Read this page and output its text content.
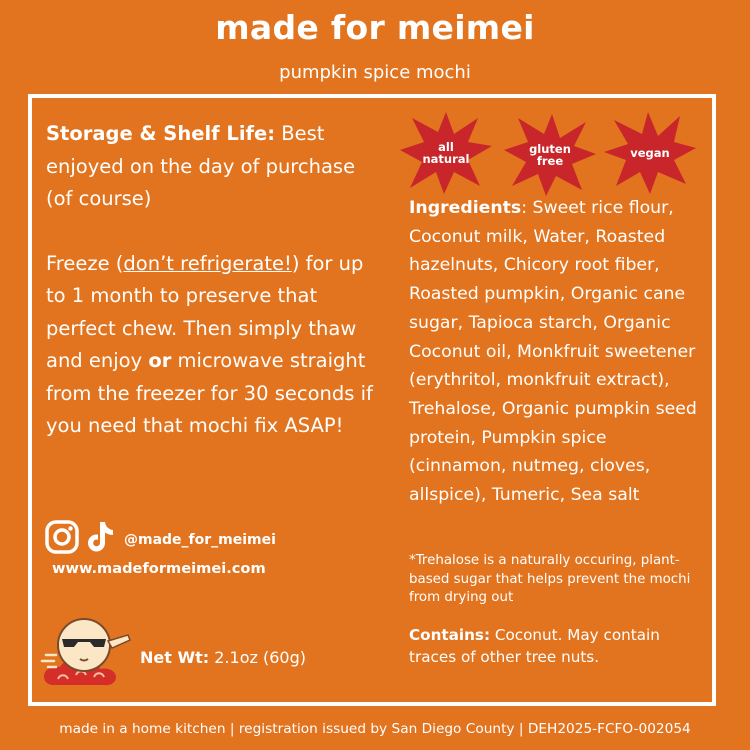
made for meimei
pumpkin spice mochi

Storage & Shelf Life: Best enjoyed on the day of purchase (of course)

Freeze (don’t refrigerate!) for up to 1 month to preserve that perfect chew. Then simply thaw and enjoy or microwave straight from the freezer for 30 seconds if you need that mochi fix ASAP!

all
natural
gluten
free
vegan
Ingredients: Sweet rice flour, Coconut milk, Water, Roasted hazelnuts, Chicory root fiber, Roasted pumpkin, Organic cane sugar, Tapioca starch, Organic Coconut oil, Monkfruit sweetener (erythritol, monkfruit extract), Trehalose, Organic pumpkin seed protein, Pumpkin spice (cinnamon, nutmeg, cloves, allspice), Tumeric, Sea salt
*Trehalose is a naturally occuring, plant-based sugar that helps prevent the mochi from drying out
Contains: Coconut. May contain traces of other tree nuts.
@made_for_meimei
www.madeformeimei.com
Net Wt: 2.1oz (60g)
made in a home kitchen | registration issued by San Diego County | DEH2025-FCFO-002054
